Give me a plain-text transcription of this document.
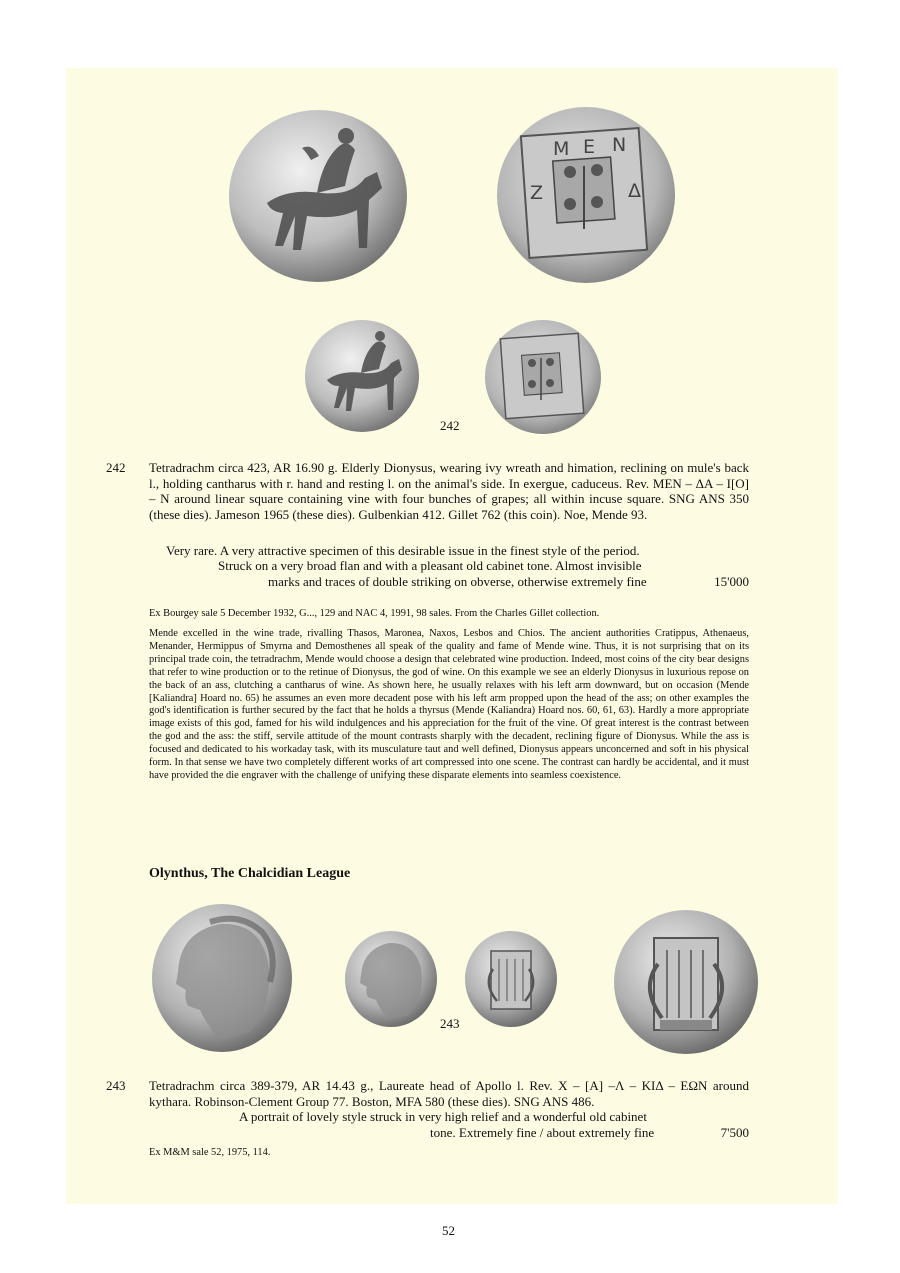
M E N
Z	Δ
242
242 Tetradrachm circa 423, AR 16.90 g. Elderly Dionysus, wearing ivy wreath and himation, reclining on mule's back l., holding cantharus with r. hand and resting l. on the animal's side. In exergue, caduceus. Rev. MEN – ΔA – I[O] – N around linear square containing vine with four bunches of grapes; all within incuse square. SNG ANS 350 (these dies). Jameson 1965 (these dies). Gulbenkian 412. Gillet 762 (this coin). Noe, Mende 93.
Very rare. A very attractive specimen of this desirable issue in the finest style of the period.
Struck on a very broad flan and with a pleasant old cabinet tone. Almost invisible
marks and traces of double striking on obverse, otherwise extremely fine	15'000
Ex Bourgey sale 5 December 1932, G..., 129 and NAC 4, 1991, 98 sales. From the Charles Gillet collection.
Mende excelled in the wine trade, rivalling Thasos, Maronea, Naxos, Lesbos and Chios. The ancient authorities Cratippus, Athenaeus, Menander, Hermippus of Smyrna and Demosthenes all speak of the quality and fame of Mende wine. Thus, it is not surprising that on its principal trade coin, the tetradrachm, Mende would choose a design that celebrated wine production. Indeed, most coins of the city bear designs that refer to wine production or to the retinue of Dionysus, the god of wine. On this example we see an elderly Dionysus in luxurious repose on the back of an ass, clutching a cantharus of wine. As shown here, he usually relaxes with his left arm downward, but on occasion (Mende [Kaliandra] Hoard no. 65) he assumes an even more decadent pose with his left arm propped upon the head of the ass; on other examples the god's identification is further secured by the fact that he holds a thyrsus (Mende (Kaliandra) Hoard nos. 60, 61, 63). Hardly a more appropriate image exists of this god, famed for his wild indulgences and his appreciation for the fruit of the vine. Of great interest is the contrast between the god and the ass: the stiff, servile attitude of the mount contrasts sharply with the decadent, reclining figure of Dionysus. While the ass is focused and dedicated to his workaday task, with its musculature taut and well defined, Dionysus appears unconcerned and soft in his physical form. In that sense we have two completely different works of art compressed into one scene. The contrast can hardly be accidental, and it must have provided the die engraver with the challenge of unifying these disparate elements into seamless coexistence.
Olynthus, The Chalcidian League
243
243 Tetradrachm circa 389-379, AR 14.43 g., Laureate head of Apollo l. Rev. X – [A] –Λ – KIΔ – EΩN around kythara. Robinson-Clement Group 77. Boston, MFA 580 (these dies). SNG ANS 486.
A portrait of lovely style struck in very high relief and a wonderful old cabinet
tone. Extremely fine / about extremely fine	7'500
Ex M&M sale 52, 1975, 114.
52
